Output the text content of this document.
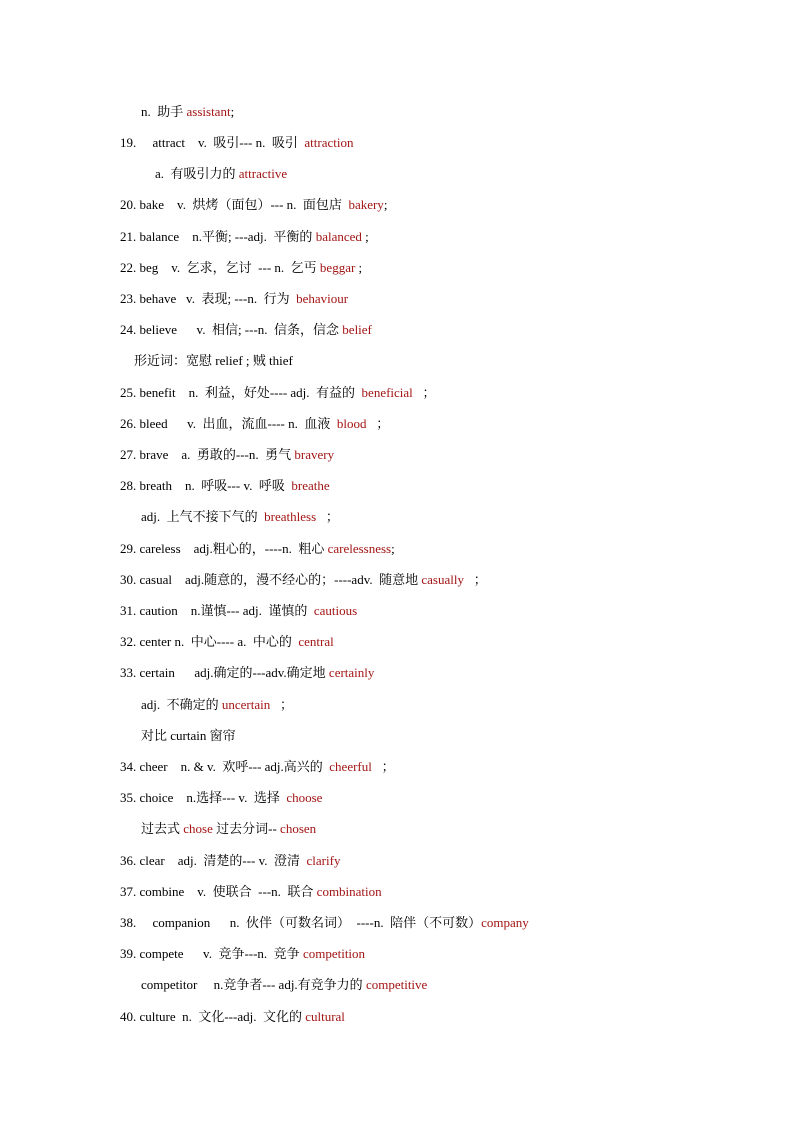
n.  助手 assistant;
19.     attract    v.  吸引--- n.  吸引  attraction
a.  有吸引力的 attractive
20. bake    v.  烘烤（面包）--- n.  面包店  bakery;
21. balance    n.平衡; ---adj.  平衡的 balanced ;
22. beg    v.  乞求，乞讨  --- n.  乞丐 beggar ;
23. behave   v.  表现; ---n.  行为  behaviour
24. believe      v.  相信; ---n.  信条，信念 belief
形近词：宽慰 relief ; 贼 thief
25. benefit    n.  利益，好处---- adj.  有益的  beneficial   ；
26. bleed      v.  出血，流血---- n.  血液  blood   ；
27. brave    a.  勇敢的---n.  勇气 bravery
28. breath    n.  呼吸--- v.  呼吸  breathe
adj.  上气不接下气的  breathless   ；
29. careless    adj.粗心的，----n.  粗心 carelessness;
30. casual    adj.随意的，漫不经心的；----adv.  随意地 casually   ；
31. caution    n.谨慎--- adj.  谨慎的  cautious
32. center n.  中心---- a.  中心的  central
33. certain      adj.确定的---adv.确定地 certainly
adj.  不确定的 uncertain   ；
对比 curtain 窗帘
34. cheer    n. & v.  欢呼--- adj.高兴的  cheerful   ；
35. choice    n.选择--- v.  选择  choose
过去式 chose 过去分词-- chosen
36. clear    adj.  清楚的--- v.  澄清  clarify
37. combine    v.  使联合  ---n.  联合 combination
38.     companion      n.  伙伴（可数名词）  ----n.  陪伴（不可数）company
39. compete      v.  竞争---n.  竞争 competition
competitor     n.竞争者--- adj.有竞争力的 competitive
40. culture  n.  文化---adj.  文化的 cultural
